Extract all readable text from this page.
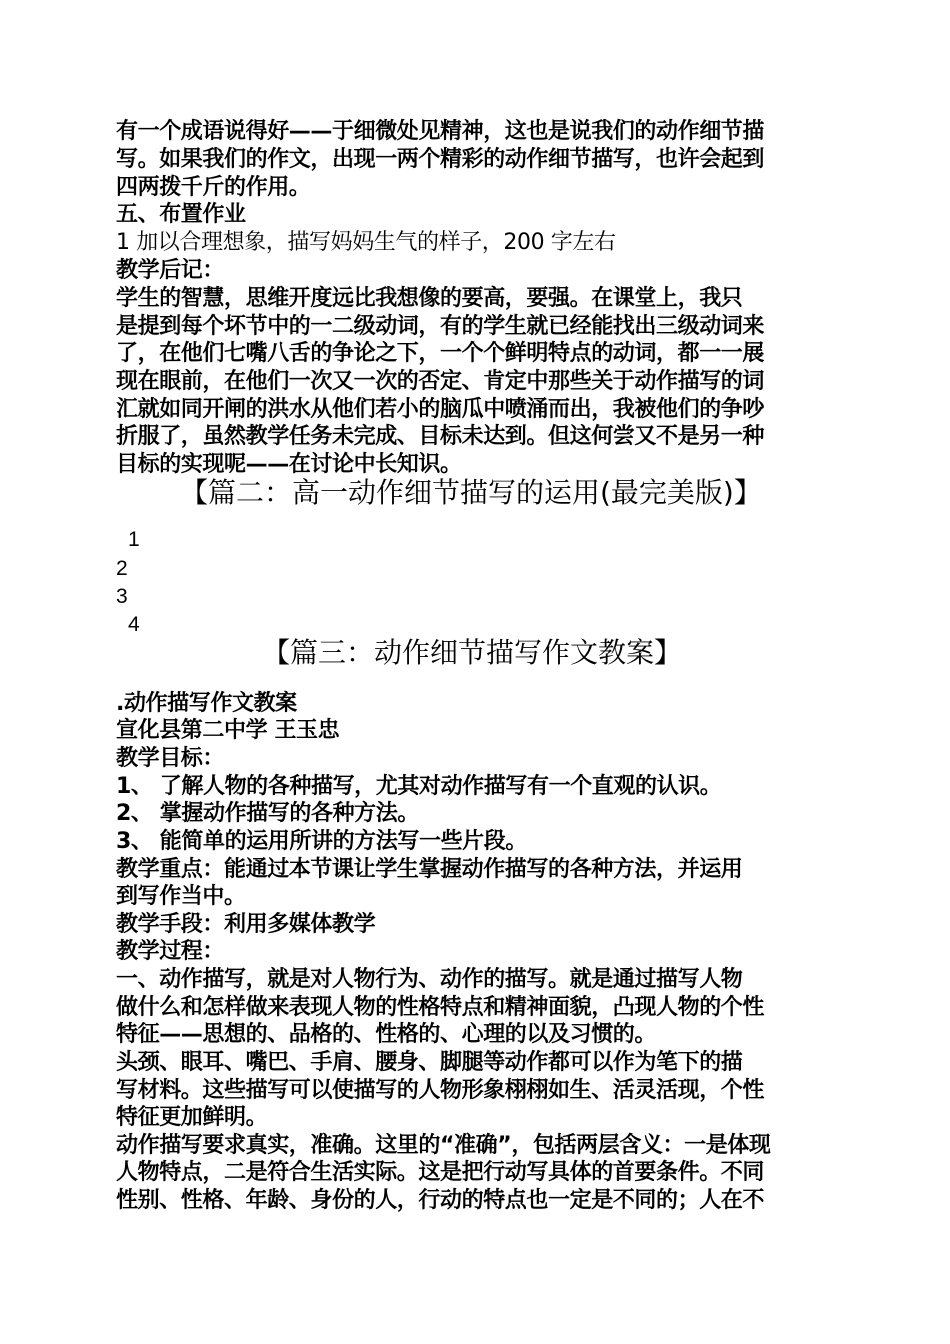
有一个成语说得好——于细微处见精神，这也是说我们的动作细节描
写。如果我们的作文，出现一两个精彩的动作细节描写，也许会起到
四两拨千斤的作用。
五、布置作业
1 加以合理想象，描写妈妈生气的样子，200 字左右
教学后记：
学生的智慧，思维开度远比我想像的要高，要强。在课堂上，我只
是提到每个坏节中的一二级动词，有的学生就已经能找出三级动词来
了，在他们七嘴八舌的争论之下，一个个鲜明特点的动词，都一一展
现在眼前，在他们一次又一次的否定、肯定中那些关于动作描写的词
汇就如同开闸的洪水从他们若小的脑瓜中喷涌而出，我被他们的争吵
折服了，虽然教学任务未完成、目标未达到。但这何尝又不是另一种
目标的实现呢——在讨论中长知识。
【篇二：高一动作细节描写的运用(最完美版)】
1
2
3
4
【篇三：动作细节描写作文教案】
.动作描写作文教案
宣化县第二中学 王玉忠
教学目标：
1、 了解人物的各种描写，尤其对动作描写有一个直观的认识。
2、 掌握动作描写的各种方法。
3、 能简单的运用所讲的方法写一些片段。
教学重点：能通过本节课让学生掌握动作描写的各种方法，并运用
到写作当中。
教学手段：利用多媒体教学
教学过程：
一、动作描写，就是对人物行为、动作的描写。就是通过描写人物
做什么和怎样做来表现人物的性格特点和精神面貌，凸现人物的个性
特征——思想的、品格的、性格的、心理的以及习惯的。
头颈、眼耳、嘴巴、手肩、腰身、脚腿等动作都可以作为笔下的描
写材料。这些描写可以使描写的人物形象栩栩如生、活灵活现，个性
特征更加鲜明。
动作描写要求真实，准确。这里的“准确”，包括两层含义：一是体现
人物特点，二是符合生活实际。这是把行动写具体的首要条件。不同
性别、性格、年龄、身份的人，行动的特点也一定是不同的；人在不
